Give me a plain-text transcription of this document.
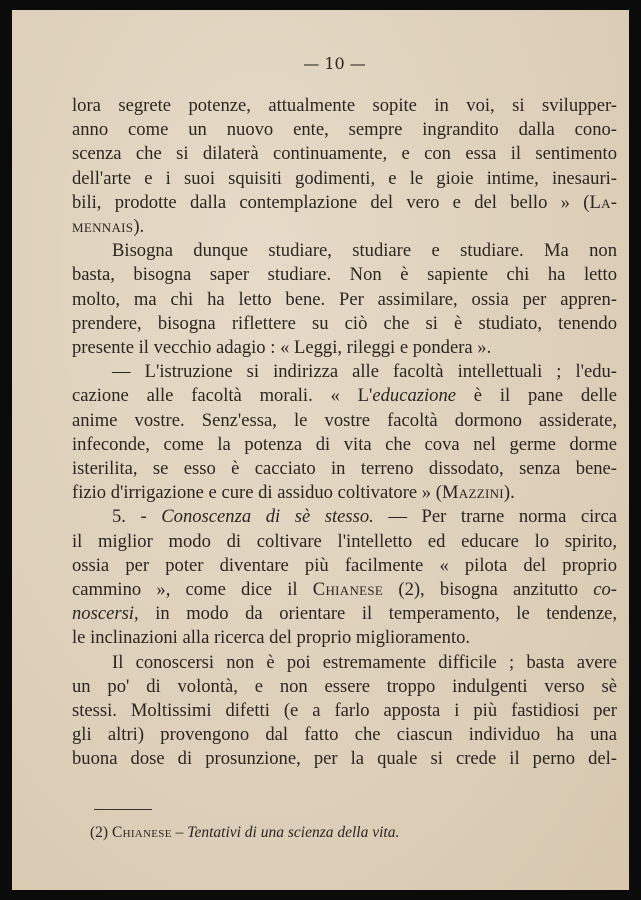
— 10 —
lora segrete potenze, attualmente sopite in voi, si svilupper-
anno come un nuovo ente, sempre ingrandito dalla cono-
scenza che si dilaterà continuamente, e con essa il sentimento
dell'arte e i suoi squisiti godimenti, e le gioie intime, inesauri-
bili, prodotte dalla contemplazione del vero e del bello » (La-
mennais).
Bisogna dunque studiare, studiare e studiare. Ma non
basta, bisogna saper studiare. Non è sapiente chi ha letto
molto, ma chi ha letto bene. Per assimilare, ossia per appren-
prendere, bisogna riflettere su ciò che si è studiato, tenendo
presente il vecchio adagio : « Leggi, rileggi e pondera ».
— L'istruzione si indirizza alle facoltà intellettuali ; l'edu-
cazione alle facoltà morali. « L'educazione è il pane delle
anime vostre. Senz'essa, le vostre facoltà dormono assiderate,
infeconde, come la potenza di vita che cova nel germe dorme
isterilita, se esso è cacciato in terreno dissodato, senza bene-
fizio d'irrigazione e cure di assiduo coltivatore » (Mazzini).
5. - Conoscenza di sè stesso. — Per trarne norma circa
il miglior modo di coltivare l'intelletto ed educare lo spirito,
ossia per poter diventare più facilmente « pilota del proprio
cammino », come dice il Chianese (2), bisogna anzitutto co-
noscersi, in modo da orientare il temperamento, le tendenze,
le inclinazioni alla ricerca del proprio miglioramento.
Il conoscersi non è poi estremamente difficile ; basta avere
un po' di volontà, e non essere troppo indulgenti verso sè
stessi. Moltissimi difetti (e a farlo apposta i più fastidiosi per
gli altri) provengono dal fatto che ciascun individuo ha una
buona dose di prosunzione, per la quale si crede il perno del-
(2) Chianese – Tentativi di una scienza della vita.
